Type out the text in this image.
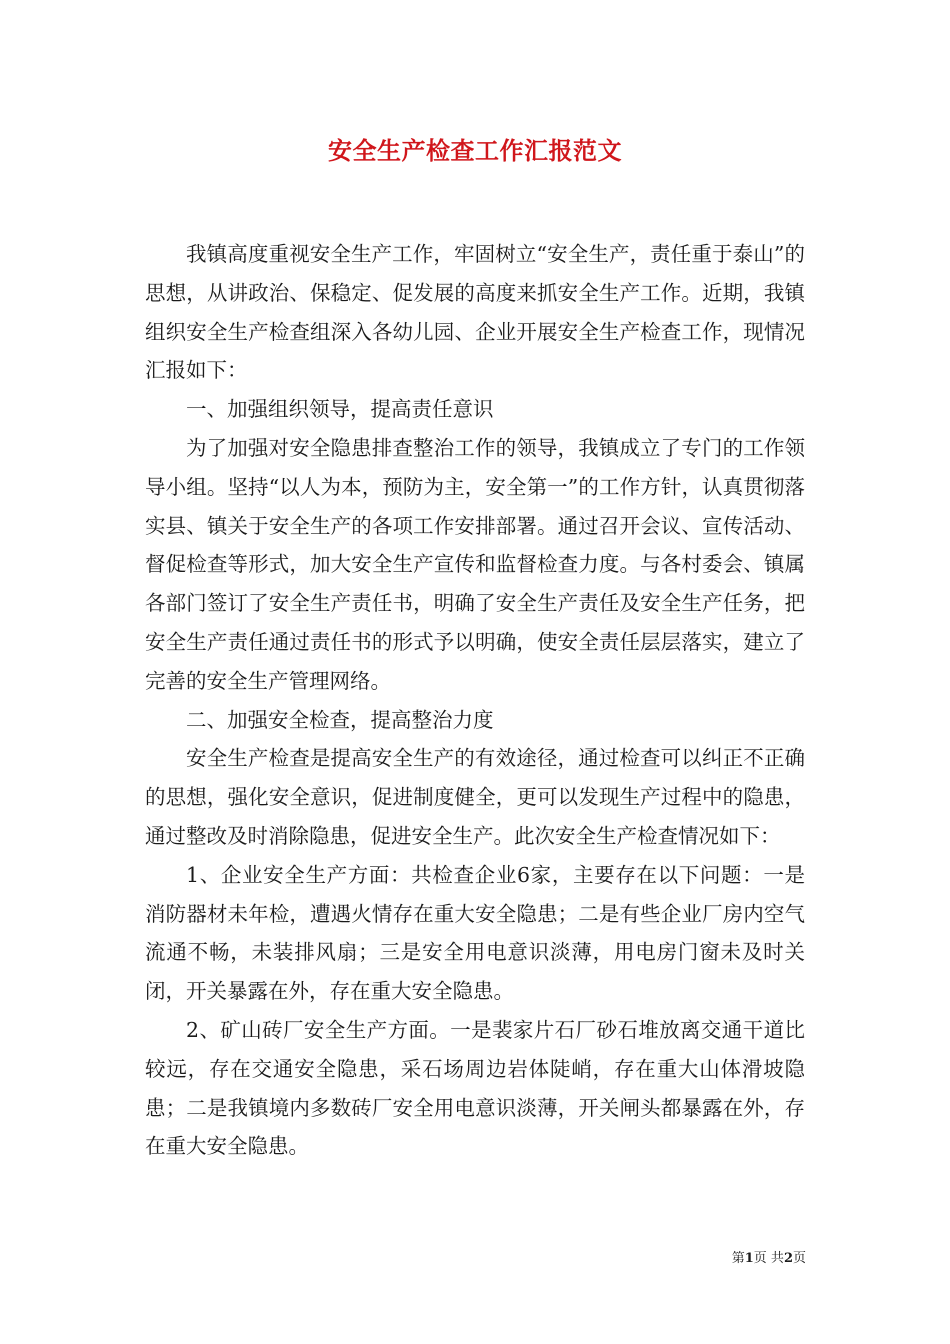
安全生产检查工作汇报范文

我镇高度重视安全生产工作，牢固树立“安全生产，责任重于泰山”的思想，从讲政治、保稳定、促发展的高度来抓安全生产工作。近期，我镇组织安全生产检查组深入各幼儿园、企业开展安全生产检查工作，现情况汇报如下：

一、加强组织领导，提高责任意识

为了加强对安全隐患排查整治工作的领导，我镇成立了专门的工作领导小组。坚持“以人为本，预防为主，安全第一”的工作方针，认真贯彻落实县、镇关于安全生产的各项工作安排部署。通过召开会议、宣传活动、督促检查等形式，加大安全生产宣传和监督检查力度。与各村委会、镇属各部门签订了安全生产责任书，明确了安全生产责任及安全生产任务，把安全生产责任通过责任书的形式予以明确，使安全责任层层落实，建立了完善的安全生产管理网络。

二、加强安全检查，提高整治力度

安全生产检查是提高安全生产的有效途径，通过检查可以纠正不正确的思想，强化安全意识，促进制度健全，更可以发现生产过程中的隐患，通过整改及时消除隐患，促进安全生产。此次安全生产检查情况如下：

1、企业安全生产方面：共检查企业6家，主要存在以下问题：一是消防器材未年检，遭遇火情存在重大安全隐患；二是有些企业厂房内空气流通不畅，未装排风扇；三是安全用电意识淡薄，用电房门窗未及时关闭，开关暴露在外，存在重大安全隐患。

2、矿山砖厂安全生产方面。一是裴家片石厂砂石堆放离交通干道比较远，存在交通安全隐患，采石场周边岩体陡峭，存在重大山体滑坡隐患；二是我镇境内多数砖厂安全用电意识淡薄，开关闸头都暴露在外，存在重大安全隐患。

第1页 共2页
